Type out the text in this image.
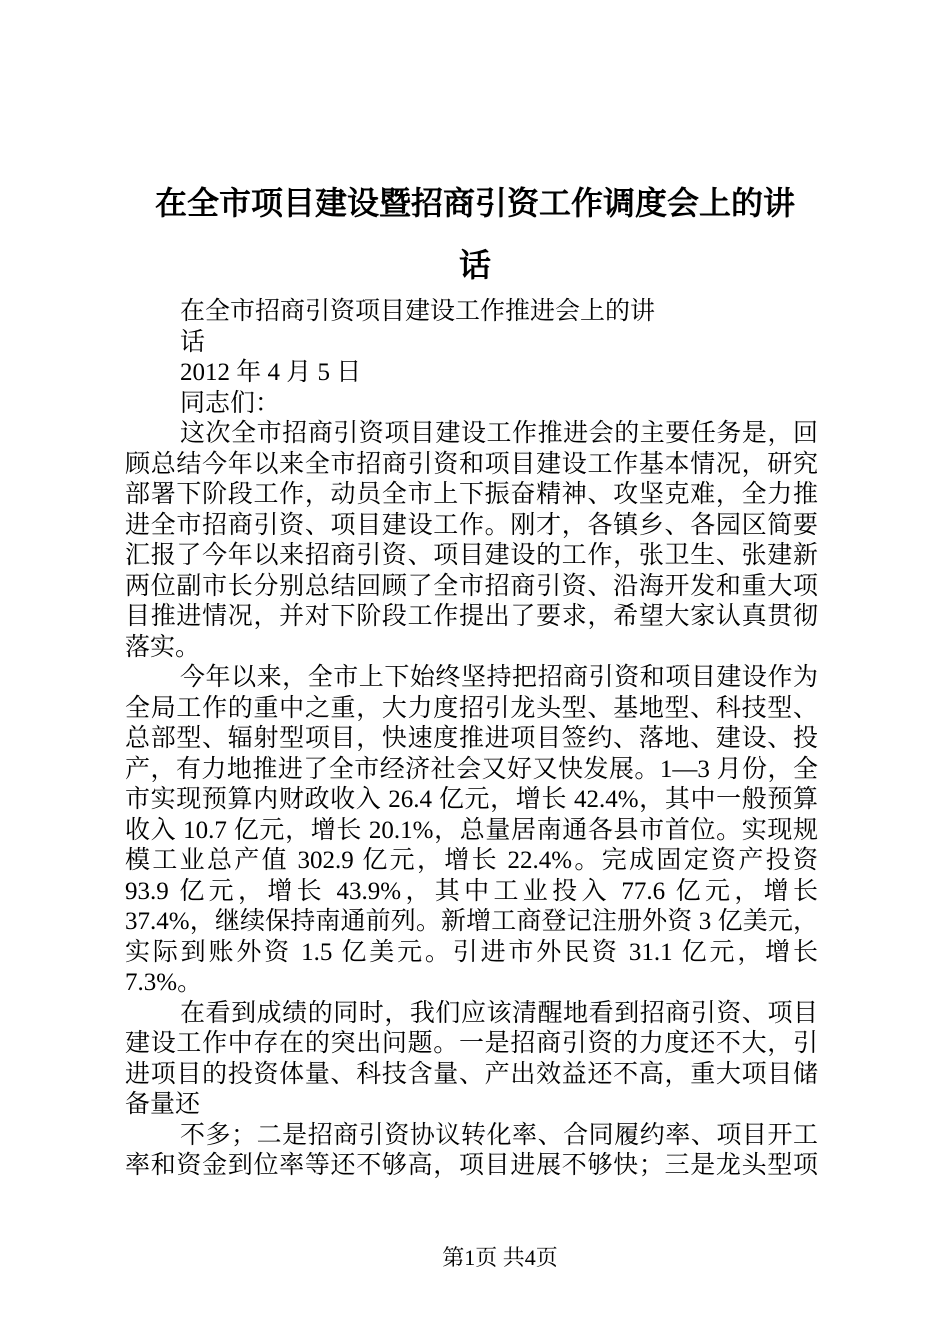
在全市项目建设暨招商引资工作调度会上的讲
话
在全市招商引资项目建设工作推进会上的讲
话
2012 年 4 月 5 日
同志们：
这次全市招商引资项目建设工作推进会的主要任务是，回
顾总结今年以来全市招商引资和项目建设工作基本情况，研究
部署下阶段工作，动员全市上下振奋精神、攻坚克难，全力推
进全市招商引资、项目建设工作。刚才，各镇乡、各园区简要
汇报了今年以来招商引资、项目建设的工作，张卫生、张建新
两位副市长分别总结回顾了全市招商引资、沿海开发和重大项
目推进情况，并对下阶段工作提出了要求，希望大家认真贯彻
落实。
今年以来，全市上下始终坚持把招商引资和项目建设作为
全局工作的重中之重，大力度招引龙头型、基地型、科技型、
总部型、辐射型项目，快速度推进项目签约、落地、建设、投
产，有力地推进了全市经济社会又好又快发展。1—3 月份，全
市实现预算内财政收入 26.4 亿元，增长 42.4%，其中一般预算
收入 10.7 亿元，增长 20.1%，总量居南通各县市首位。实现规
模工业总产值 302.9 亿元，增长 22.4%。完成固定资产投资
93.9 亿元，增长 43.9%，其中工业投入 77.6 亿元，增长
37.4%，继续保持南通前列。新增工商登记注册外资 3 亿美元，
实际到账外资 1.5 亿美元。引进市外民资 31.1 亿元，增长
7.3%。
在看到成绩的同时，我们应该清醒地看到招商引资、项目
建设工作中存在的突出问题。一是招商引资的力度还不大，引
进项目的投资体量、科技含量、产出效益还不高，重大项目储
备量还
不多；二是招商引资协议转化率、合同履约率、项目开工
率和资金到位率等还不够高，项目进展不够快；三是龙头型项
第1页 共4页
